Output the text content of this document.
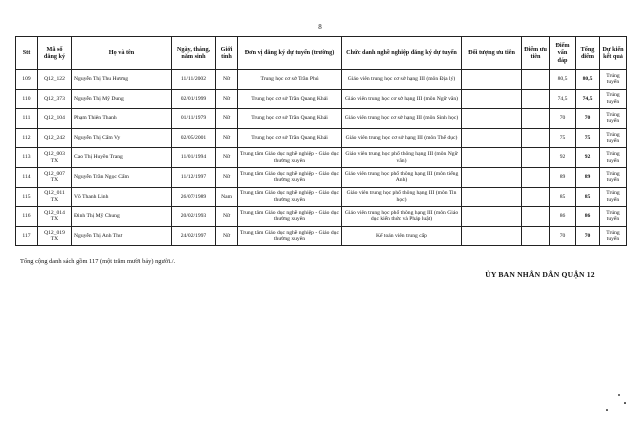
8
Stt	Mã số đăng ký	Họ và tên	Ngày, tháng, năm sinh	Giới tính	Đơn vị đăng ký dự tuyển (trường)	Chức danh nghề nghiệp đăng ký dự tuyển	Đối tượng ưu tiên	Điểm ưu tiên	Điểm vấn đáp	Tổng điểm	Dự kiến kết quả
109	Q12_122	Nguyễn Thị Thu Hương	11/11/2002	Nữ	Trung học cơ sở Trần Phú	Giáo viên trung học cơ sở hạng III (môn Địa lý)			80,5	80,5	Trúng tuyển
110	Q12_373	Nguyễn Thị Mỹ Dung	02/01/1999	Nữ	Trung học cơ sở Trần Quang Khải	Giáo viên trung học cơ sở hạng III (môn Ngữ văn)			74,5	74,5	Trúng tuyển
111	Q12_104	Phạm Thiên Thanh	01/11/1979	Nữ	Trung học cơ sở Trần Quang Khải	Giáo viên trung học cơ sở hạng III (môn Sinh học)			70	70	Trúng tuyển
112	Q12_242	Nguyễn Thị Cẩm Vy	02/05/2001	Nữ	Trung học cơ sở Trần Quang Khải	Giáo viên trung học cơ sở hạng III (môn Thể dục)			75	75	Trúng tuyển
113	Q12_003 TX	Cao Thị Huyền Trang	11/01/1994	Nữ	Trung tâm Giáo dục nghề nghiệp - Giáo dục thường xuyên	Giáo viên trung học phổ thông hạng III (môn Ngữ văn)			92	92	Trúng tuyển
114	Q12_007 TX	Nguyễn Trần Ngọc Cẩm	11/12/1997	Nữ	Trung tâm Giáo dục nghề nghiệp - Giáo dục thường xuyên	Giáo viên trung học phổ thông hạng III (môn tiếng Anh)			89	89	Trúng tuyển
115	Q12_011 TX	Võ Thanh Linh	26/07/1989	Nam	Trung tâm Giáo dục nghề nghiệp - Giáo dục thường xuyên	Giáo viên trung học phổ thông hạng III (môn Tin học)			85	85	Trúng tuyển
116	Q12_014 TX	Đinh Thị Mỹ Chung	20/02/1993	Nữ	Trung tâm Giáo dục nghề nghiệp - Giáo dục thường xuyên	Giáo viên trung học phổ thông hạng III (môn Giáo dục kiến thức và Pháp luật)			86	86	Trúng tuyển
117	Q12_019 TX	Nguyễn Thị Anh Thư	24/02/1997	Nữ	Trung tâm Giáo dục nghề nghiệp - Giáo dục thường xuyên	Kế toán viên trung cấp			70	70	Trúng tuyển
Tổng cộng danh sách gồm 117 (một trăm mười bảy) người./.
ỦY BAN NHÂN DÂN QUẬN 12
